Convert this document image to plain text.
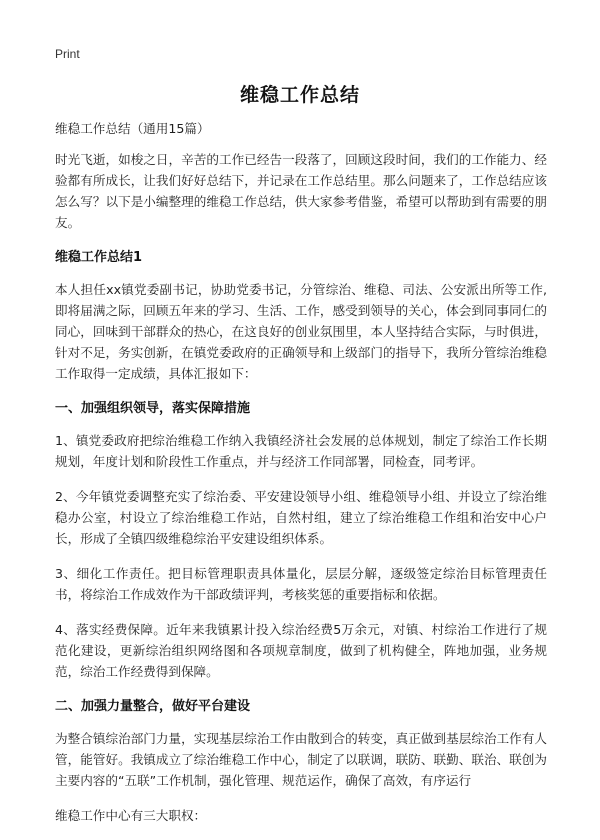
Print
维稳工作总结

维稳工作总结（通用15篇）

时光飞逝，如梭之日，辛苦的工作已经告一段落了，回顾这段时间，我们的工作能力、经验都有所成长，让我们好好总结下，并记录在工作总结里。那么问题来了，工作总结应该怎么写？以下是小编整理的维稳工作总结，供大家参考借鉴，希望可以帮助到有需要的朋友。

维稳工作总结1

本人担任xx镇党委副书记，协助党委书记，分管综治、维稳、司法、公安派出所等工作,即将届满之际，回顾五年来的学习、生活、工作，感受到领导的关心，体会到同事同仁的同心，回味到干部群众的热心，在这良好的创业氛围里，本人坚持结合实际，与时俱进，针对不足，务实创新，在镇党委政府的正确领导和上级部门的指导下，我所分管综治维稳工作取得一定成绩，具体汇报如下：

一、加强组织领导，落实保障措施

1、镇党委政府把综治维稳工作纳入我镇经济社会发展的总体规划，制定了综治工作长期规划，年度计划和阶段性工作重点，并与经济工作同部署，同检查，同考评。

2、今年镇党委调整充实了综治委、平安建设领导小组、维稳领导小组、并设立了综治维稳办公室，村设立了综治维稳工作站，自然村组，建立了综治维稳工作组和治安中心户长，形成了全镇四级维稳综治平安建设组织体系。

3、细化工作责任。把目标管理职责具体量化，层层分解，逐级签定综治目标管理责任书，将综治工作成效作为干部政绩评判，考核奖惩的重要指标和依据。

4、落实经费保障。近年来我镇累计投入综治经费5万余元，对镇、村综治工作进行了规范化建设，更新综治组织网络图和各项规章制度，做到了机构健全，阵地加强，业务规范，综治工作经费得到保障。

二、加强力量整合，做好平台建设

为整合镇综治部门力量，实现基层综治工作由散到合的转变，真正做到基层综治工作有人管，能管好。我镇成立了综治维稳工作中心，制定了以联调，联防、联勤、联治、联创为主要内容的“五联”工作机制，强化管理、规范运作，确保了高效，有序运行

维稳工作中心有三大职权：
